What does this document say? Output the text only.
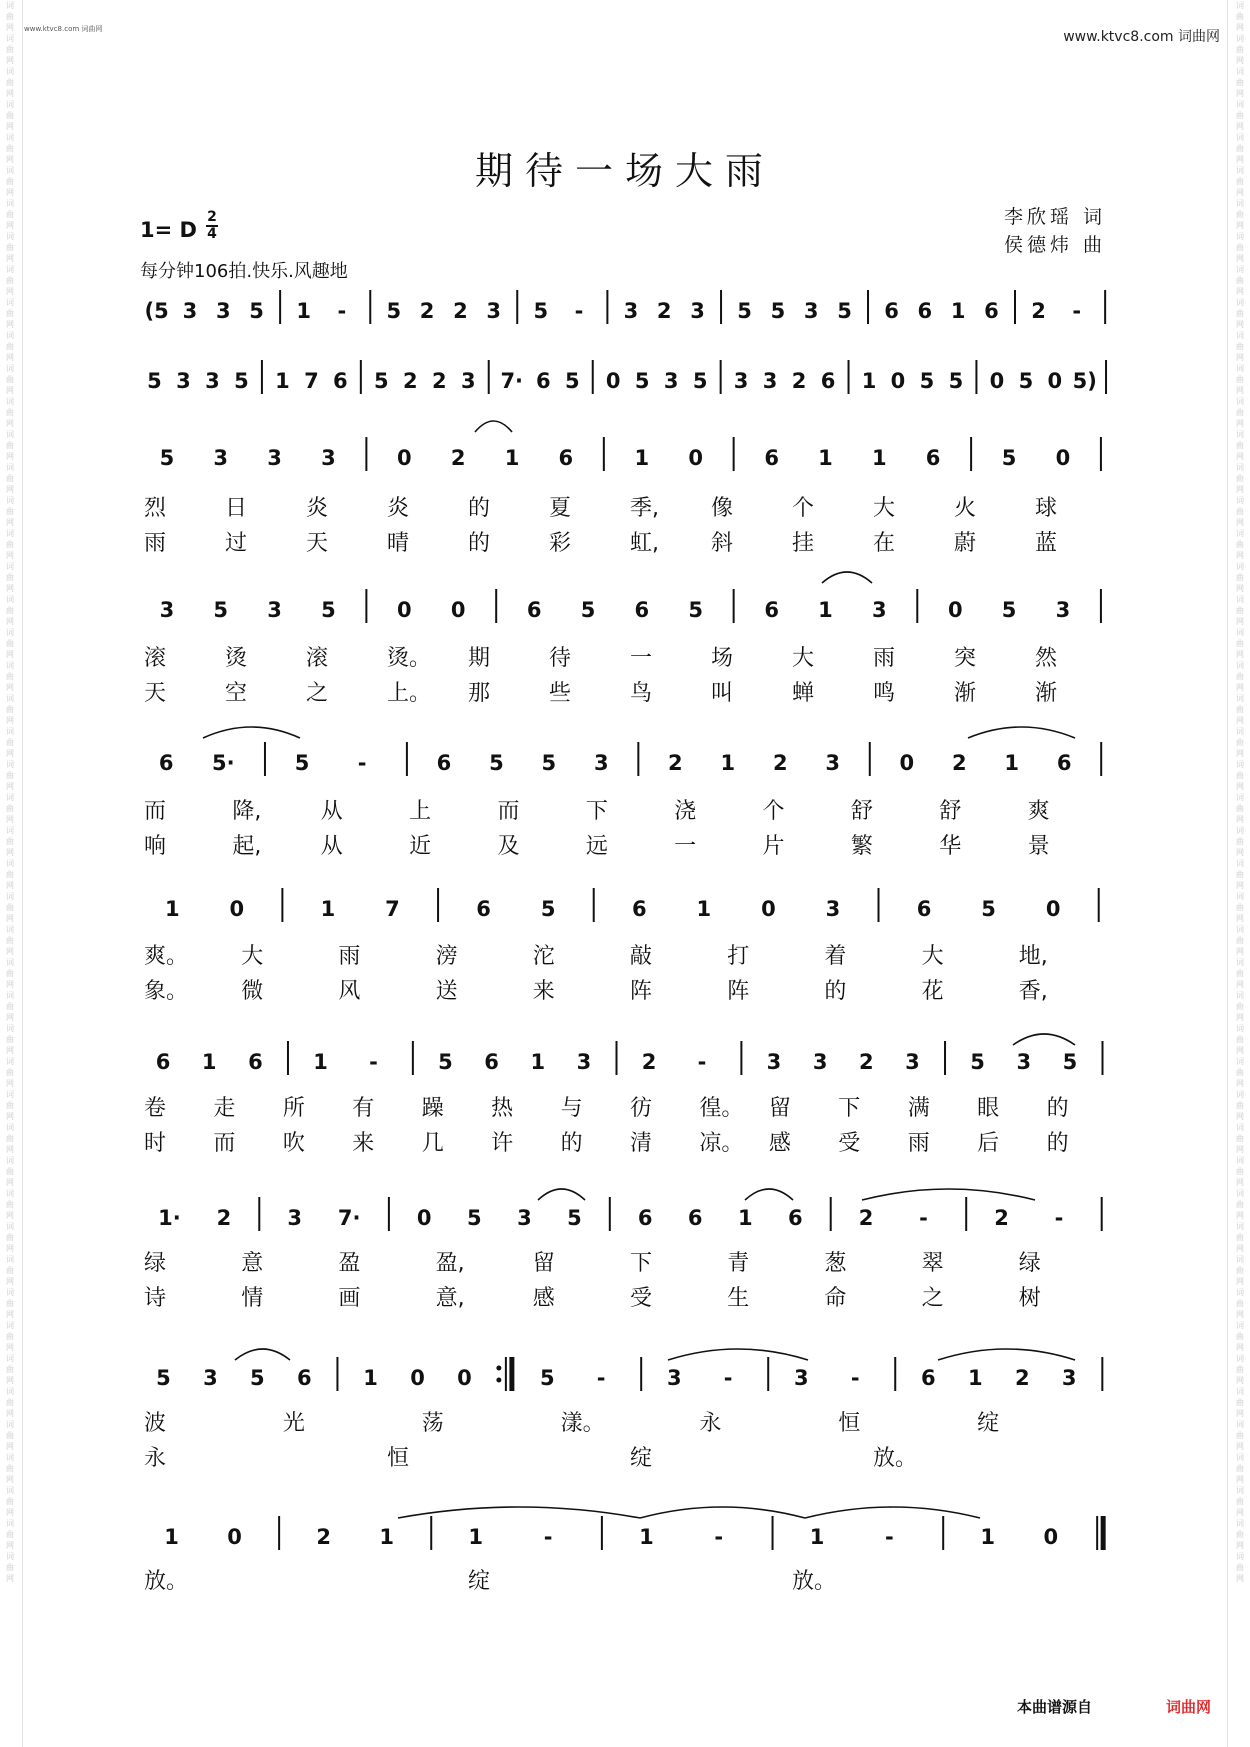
词曲网词曲网词曲网词曲网词曲网词曲网词曲网词曲网词曲网词曲网词曲网词曲网词曲网词曲网词曲网词曲网词曲网词曲网词曲网词曲网词曲网词曲网词曲网词曲网词曲网词曲网词曲网词曲网词曲网词曲网词曲网词曲网词曲网词曲网词曲网词曲网词曲网词曲网词曲网词曲网词曲网词曲网词曲网词曲网词曲网词曲网词曲网词曲网
词曲网词曲网词曲网词曲网词曲网词曲网词曲网词曲网词曲网词曲网词曲网词曲网词曲网词曲网词曲网词曲网词曲网词曲网词曲网词曲网词曲网词曲网词曲网词曲网词曲网词曲网词曲网词曲网词曲网词曲网词曲网词曲网词曲网词曲网词曲网词曲网词曲网词曲网词曲网词曲网词曲网词曲网词曲网词曲网词曲网词曲网词曲网词曲网
www.ktvc8.com 词曲网	www.ktvc8.com 词曲网
期待一场大雨
1= D
2
4
每分钟106拍.快乐.风趣地
李欣瑶 词
侯德炜 曲
(5 3 3 5 1 - 5 2 2 3 5 - 3 2 3 5 5 3 5 6 6 1 6 2 -
5 3 3 5 1 7 6 5 2 2 3 7· 6 5 0 5 3 5 3 3 2 6 1 0 5 5 0 5 0 5)
5 3 3 3	0 2 1 6	1 0	6 1 1 6	5 0
烈	日	炎	炎	的	夏	季, 像	个	大	火	球
雨	过	天	晴	的	彩	虹, 斜	挂	在	蔚	蓝
3 5 3 5	0 0	6 5 6 5	6 1 3	0 5 3
滚	烫	滚	烫。 期	待	一	场	大	雨	突	然
天	空	之	上。 那	些	鸟	叫	蝉	鸣	渐	渐
6 5·	5 -	6 5 5 3	2 1 2 3	0 2 1 6
而	降,	从	上	而	下	浇	个	舒	舒	爽
响	起,	从	近	及	远	一	片	繁	华	景
1 0	1 7	6 5	6 1 0 3	6 5 0
爽。 大	雨	滂	沱	敲	打	着	大	地,
象。 微	风	送	来	阵	阵	的	花	香,
6 1 6 1 -	5 6 1 3 2 -	3 3 2 3 5 3 5
卷 走 所 有 躁 热 与 彷 徨。 留 下 满 眼 的
时 而 吹 来 几 许 的 清 凉。 感 受 雨 后 的
1· 2	3 7·	0 5 3 5	6 6 1 6	2 -	2 -
绿	意	盈	盈,	留	下	青	葱	翠	绿
诗	情	画	意,	感	受	生	命	之	树
5 3 5 6 1 0 0	5 -	3 -	3 -	6 1 2 3
波	光	荡	漾。	永	恒	绽
永	恒	绽	放。
1 0	2 1	1	-	1	-	1	-	1 0
放。	绽	放。
本曲谱源自	词曲网
